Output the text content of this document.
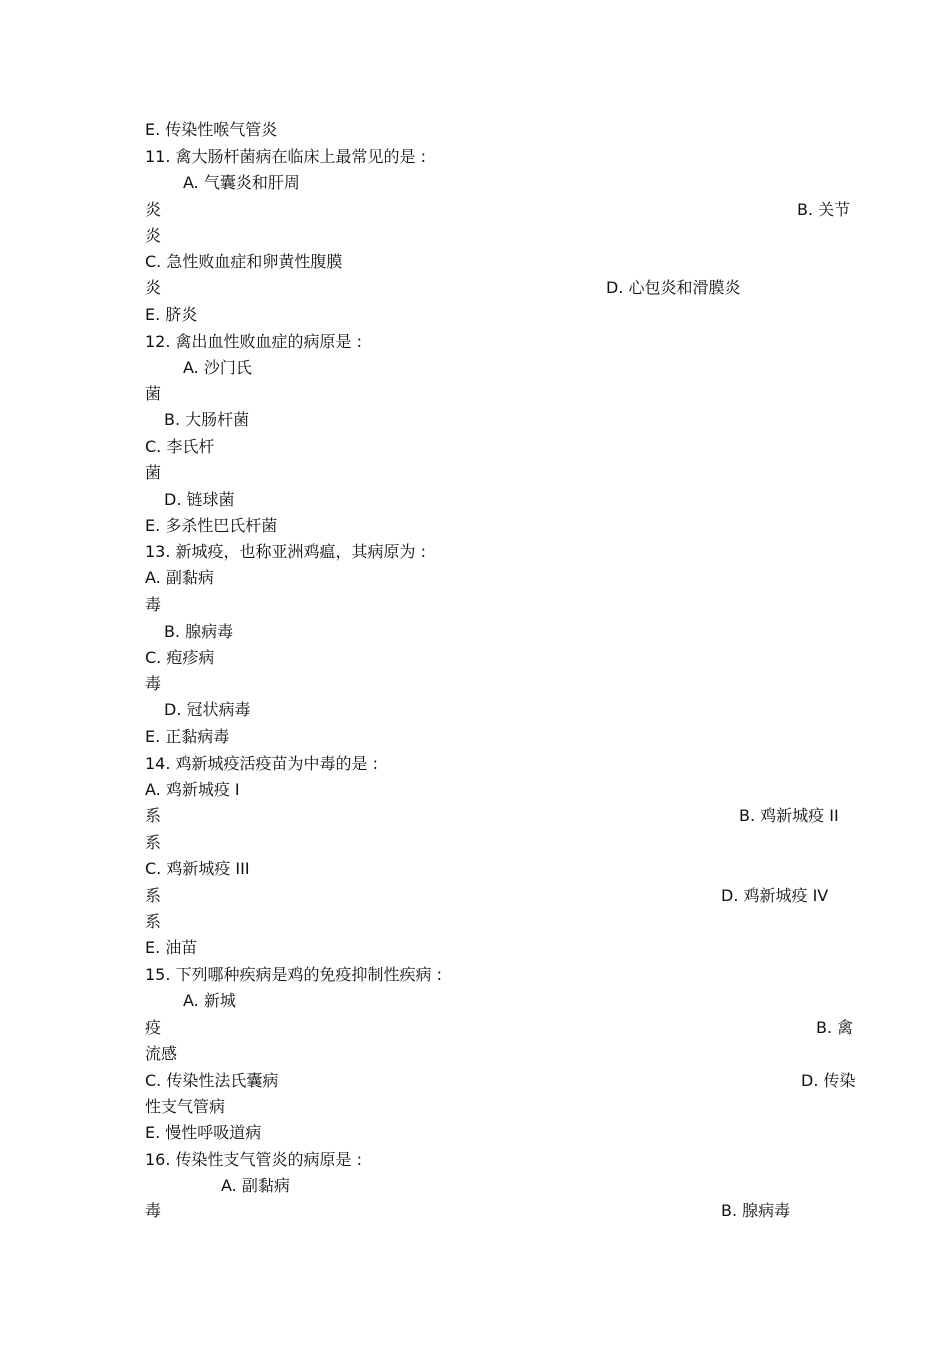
E. 传染性喉气管炎
11. 禽大肠杆菌病在临床上最常见的是 :
A. 气囊炎和肝周
炎	B. 关节
炎
C. 急性败血症和卵黄性腹膜
炎	D. 心包炎和滑膜炎
E. 脐炎
12. 禽出血性败血症的病原是 :
A. 沙门氏
菌
B. 大肠杆菌
C. 李氏杆
菌
D. 链球菌
E. 多杀性巴氏杆菌
13. 新城疫，也称亚洲鸡瘟，其病原为 :
A. 副黏病
毒
B. 腺病毒
C. 疱疹病
毒
D. 冠状病毒
E. 正黏病毒
14. 鸡新城疫活疫苗为中毒的是 :
A. 鸡新城疫 I
系	B. 鸡新城疫 II
系
C. 鸡新城疫 III
系	D. 鸡新城疫 IV
系
E. 油苗
15. 下列哪种疾病是鸡的免疫抑制性疾病 :
A. 新城
疫	B. 禽
流感
C. 传染性法氏囊病	D. 传染
性支气管病
E. 慢性呼吸道病
16. 传染性支气管炎的病原是 :
A. 副黏病
毒	B. 腺病毒
